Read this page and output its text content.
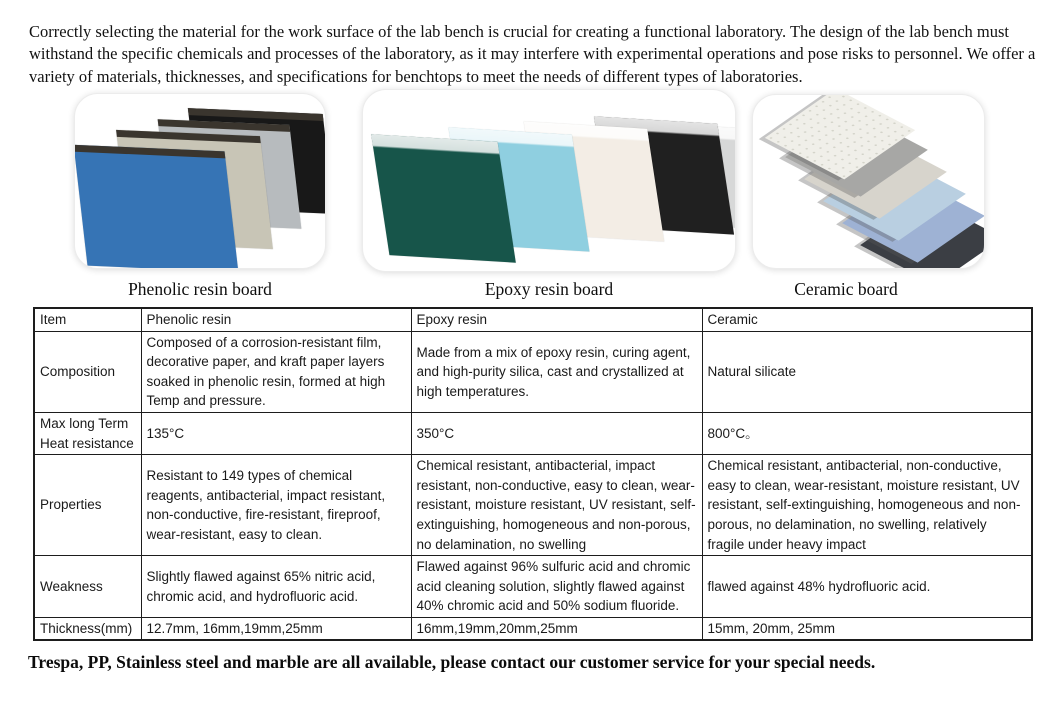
Correctly selecting the material for the work surface of the lab bench is crucial for creating a functional laboratory. The design of the lab bench must withstand the specific chemicals and processes of the laboratory, as it may interfere with experimental operations and pose risks to personnel. We offer a variety of materials, thicknesses, and specifications for benchtops to meet the needs of different types of laboratories.

Phenolic resin board	Epoxy resin board	Ceramic board
Item	Phenolic resin	Epoxy resin	Ceramic
Composition	Composed of a corrosion-resistant film, decorative paper, and kraft paper layers soaked in phenolic resin, formed at high Temp and pressure.	Made from a mix of epoxy resin, curing agent, and high-purity silica, cast and crystallized at high temperatures.	Natural silicate
Max long Term Heat resistance	135°C	350°C	800°C。
Properties	Resistant to 149 types of chemical reagents, antibacterial, impact resistant, non-conductive, fire-resistant, fireproof, wear-resistant, easy to clean.	Chemical resistant, antibacterial, impact resistant, non-conductive, easy to clean, wear-resistant, moisture resistant, UV resistant, self-extinguishing, homogeneous and non-porous, no delamination, no swelling	Chemical resistant, antibacterial, non-conductive, easy to clean, wear-resistant, moisture resistant, UV resistant, self-extinguishing, homogeneous and non-porous, no delamination, no swelling, relatively fragile under heavy impact
Weakness	Slightly flawed against 65% nitric acid, chromic acid, and hydrofluoric acid.	Flawed against 96% sulfuric acid and chromic acid cleaning solution, slightly flawed against 40% chromic acid and 50% sodium fluoride.	flawed against 48% hydrofluoric acid.
Thickness(mm)	12.7mm, 16mm,19mm,25mm	16mm,19mm,20mm,25mm	15mm, 20mm, 25mm

Trespa, PP, Stainless steel and marble are all available, please contact our customer service for your special needs.
